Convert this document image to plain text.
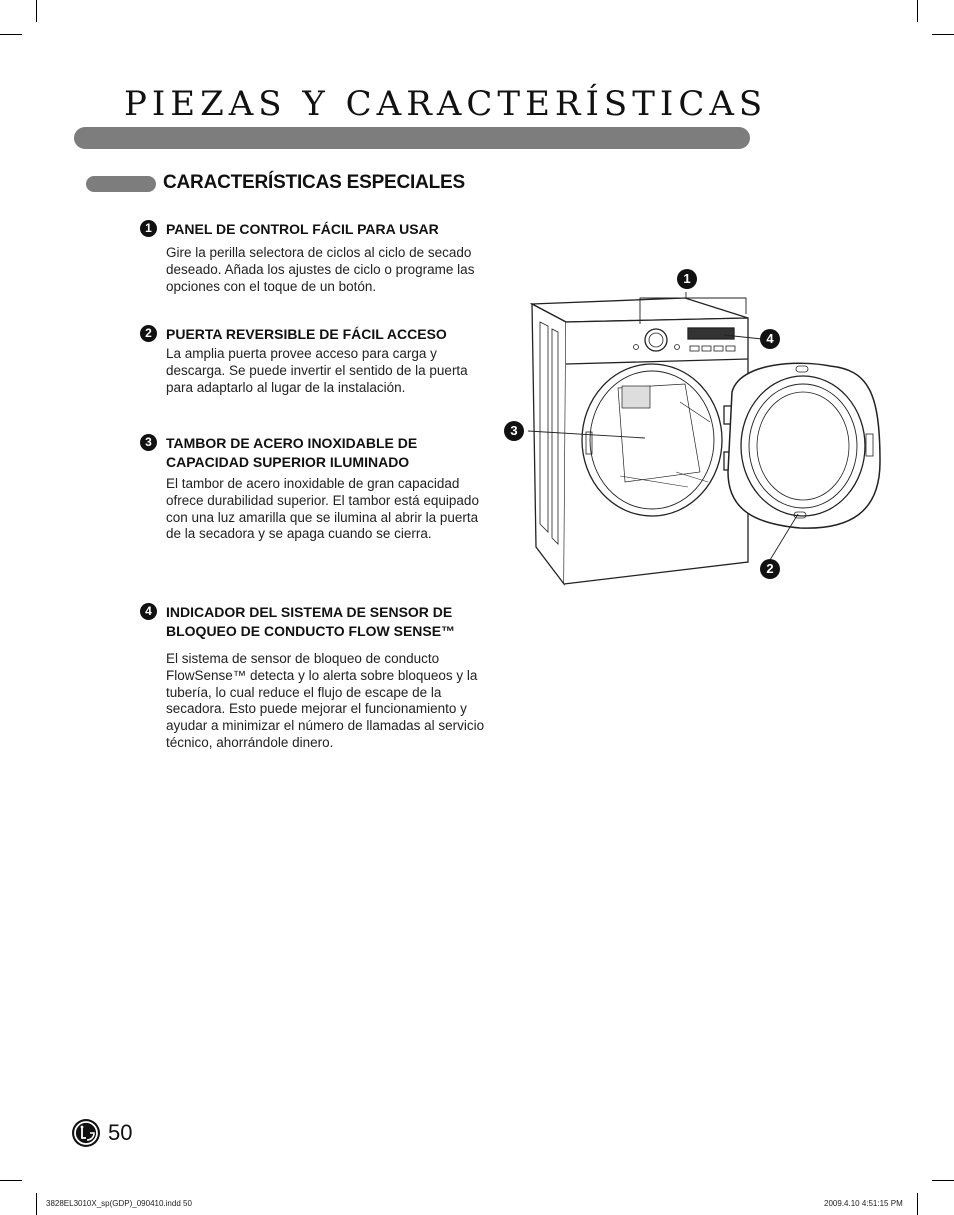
PIEZAS Y CARACTERÍSTICAS
CARACTERÍSTICAS ESPECIALES
1	PANEL DE CONTROL FÁCIL PARA USAR
Gire la perilla selectora de ciclos al ciclo de secado deseado. Añada los ajustes de ciclo o programe las opciones con el toque de un botón.
2	PUERTA REVERSIBLE DE FÁCIL ACCESO
La amplia puerta provee acceso para carga y descarga. Se puede invertir el sentido de la puerta para adaptarlo al lugar de la instalación.
3	TAMBOR DE ACERO INOXIDABLE DE CAPACIDAD SUPERIOR ILUMINADO
El tambor de acero inoxidable de gran capacidad ofrece durabilidad superior. El tambor está equipado con una luz amarilla que se ilumina al abrir la puerta de la secadora y se apaga cuando se cierra.
4	INDICADOR DEL SISTEMA DE SENSOR DE BLOQUEO DE CONDUCTO FLOW SENSE™
El sistema de sensor de bloqueo de conducto FlowSense™ detecta y lo alerta sobre bloqueos y la tubería, lo cual reduce el flujo de escape de la secadora. Esto puede mejorar el funcionamiento y ayudar a minimizar el número de llamadas al servicio técnico, ahorrándole dinero.
1
4
3
2
50
3828EL3010X_sp(GDP)_090410.indd 50	2009.4.10 4:51:15 PM
